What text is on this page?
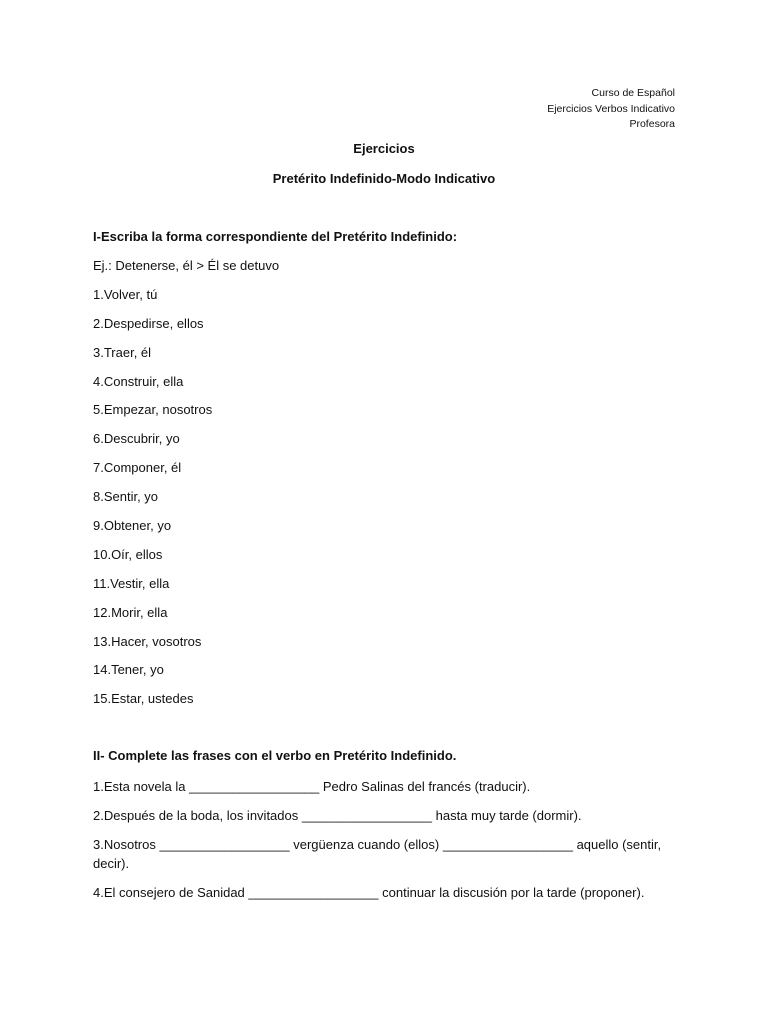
Curso de Español
Ejercicios Verbos Indicativo
Profesora
Ejercicios
Pretérito Indefinido-Modo Indicativo
I-Escriba la forma correspondiente del Pretérito Indefinido:
Ej.: Detenerse, él > Él se detuvo
1.Volver, tú
2.Despedirse, ellos
3.Traer, él
4.Construir, ella
5.Empezar, nosotros
6.Descubrir, yo
7.Componer, él
8.Sentir, yo
9.Obtener, yo
10.Oír, ellos
11.Vestir, ella
12.Morir, ella
13.Hacer, vosotros
14.Tener, yo
15.Estar, ustedes
II- Complete las frases con el verbo en Pretérito Indefinido.
1.Esta novela la __________________ Pedro Salinas del francés (traducir).
2.Después de la boda, los invitados __________________ hasta muy tarde (dormir).
3.Nosotros __________________ vergüenza cuando (ellos) __________________ aquello (sentir, decir).
4.El consejero de Sanidad __________________ continuar la discusión por la tarde (proponer).
